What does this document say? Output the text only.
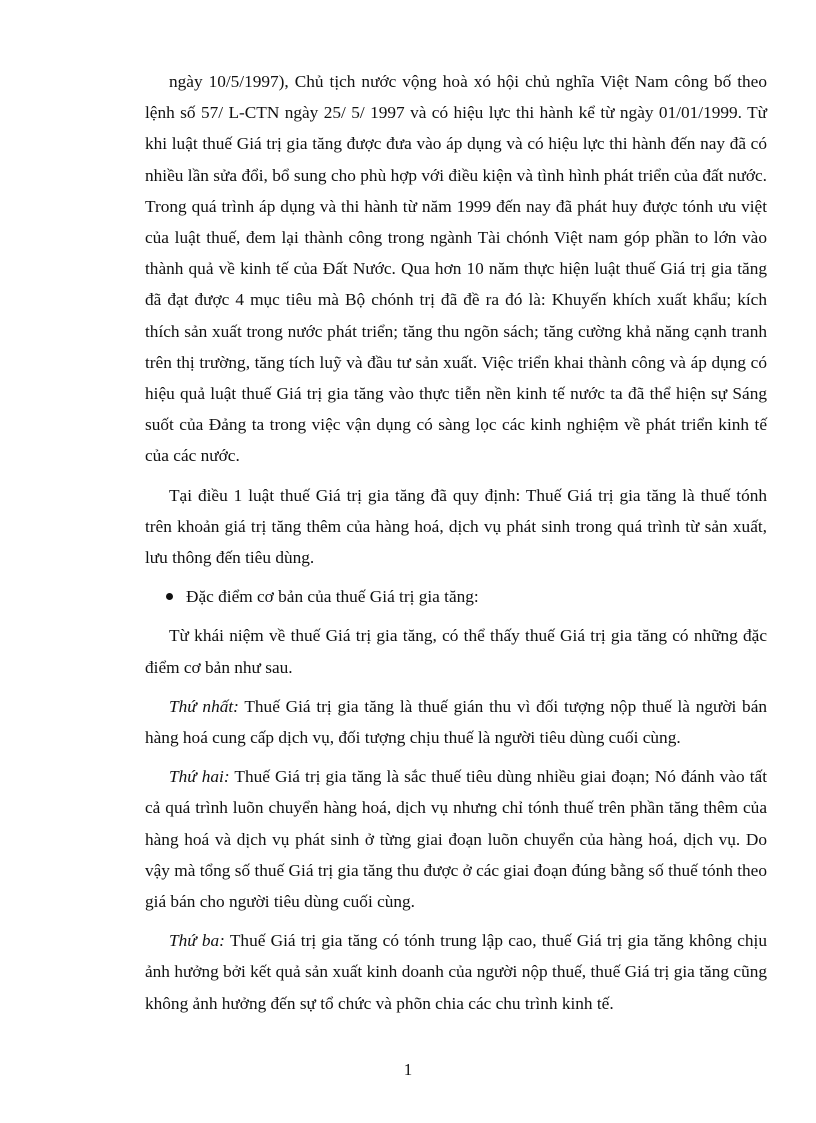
ngày 10/5/1997), Chủ tịch nước vộng hoà xó hội chủ nghĩa Việt Nam công bố theo lệnh số 57/ L-CTN ngày 25/ 5/ 1997 và có hiệu lực thi hành kể từ ngày 01/01/1999. Từ khi luật thuế Giá trị gia tăng được đưa vào áp dụng và có hiệu lực thi hành đến nay đã có nhiều lần sửa đổi, bổ sung cho phù hợp với điều kiện và tình hình phát triển của đất nước. Trong quá trình áp dụng và thi hành từ năm 1999 đến nay đã phát huy được tónh ưu việt của luật thuế, đem lại thành công trong ngành Tài chónh Việt nam góp phần to lớn vào thành quả về kinh tế của Đất Nước. Qua hơn 10 năm thực hiện luật thuế Giá trị gia tăng đã đạt được 4 mục tiêu mà Bộ chónh trị đã đề ra đó là: Khuyến khích xuất khẩu; kích thích sản xuất trong nước phát triển; tăng thu ngõn sách; tăng cường khả năng cạnh tranh trên thị trường, tăng tích luỹ và đầu tư sản xuất. Việc triển khai thành công và áp dụng có hiệu quả luật thuế Giá trị gia tăng vào thực tiễn nền kinh tế nước ta đã thể hiện sự Sáng suốt của Đảng ta trong việc vận dụng có sàng lọc các kinh nghiệm về phát triển kinh tế của các nước.

Tại điều 1 luật thuế Giá trị gia tăng đã quy định: Thuế Giá trị gia tăng là thuế tónh trên khoản giá trị tăng thêm của hàng hoá, dịch vụ phát sinh trong quá trình từ sản xuất, lưu thông đến tiêu dùng.

Đặc điểm cơ bản của thuế Giá trị gia tăng:

Từ khái niệm về thuế Giá trị gia tăng, có thể thấy thuế Giá trị gia tăng có những đặc điểm cơ bản như sau.

Thứ nhất: Thuế Giá trị gia tăng là thuế gián thu vì đối tượng nộp thuế là người bán hàng hoá cung cấp dịch vụ, đối tượng chịu thuế là người tiêu dùng cuối cùng.

Thứ hai: Thuế Giá trị gia tăng là sắc thuế tiêu dùng nhiều giai đoạn; Nó đánh vào tất cả quá trình luõn chuyển hàng hoá, dịch vụ nhưng chỉ tónh thuế trên phần tăng thêm của hàng hoá và dịch vụ phát sinh ở từng giai đoạn luõn chuyển của hàng hoá, dịch vụ. Do vậy mà tổng số thuế Giá trị gia tăng thu được ở các giai đoạn đúng bằng số thuế tónh theo giá bán cho người tiêu dùng cuối cùng.

Thứ ba: Thuế Giá trị gia tăng có tónh trung lập cao, thuế Giá trị gia tăng không chịu ảnh hưởng bởi kết quả sản xuất kinh doanh của người nộp thuế, thuế Giá trị gia tăng cũng không ảnh hưởng đến sự tổ chức và phõn chia các chu trình kinh tế.

1
